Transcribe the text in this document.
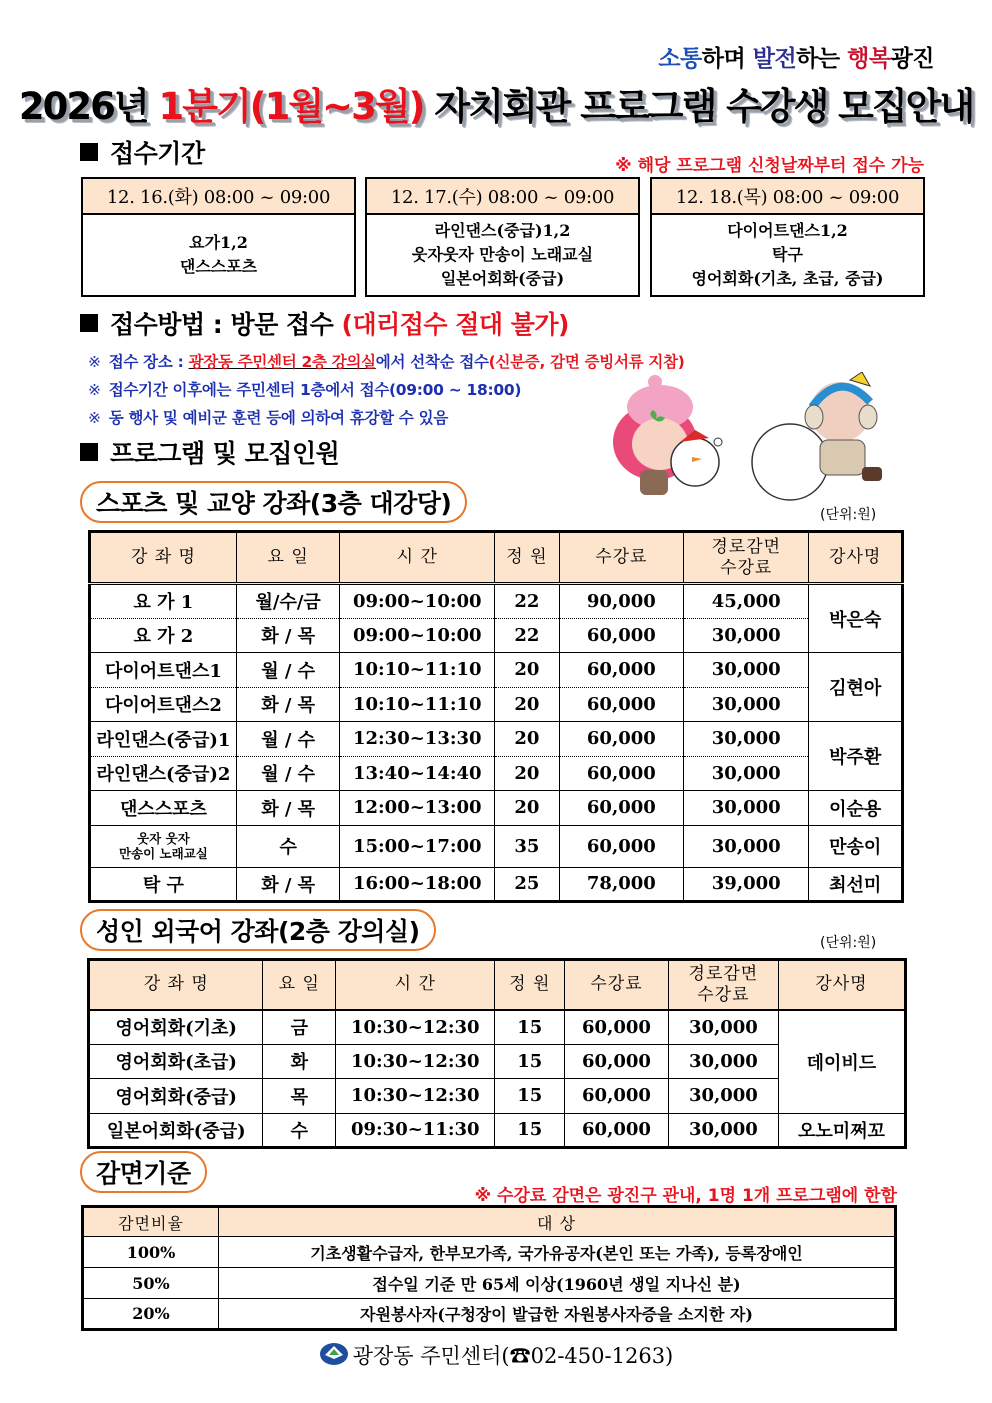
소통하며 발전하는 행복광진
2026년 1분기(1월~3월) 자치회관 프로그램 수강생 모집안내
접수기간	※ 해당 프로그램 신청날짜부터 접수 가능
12. 16.(화) 08:00 ~ 09:00
요가1,2
댄스스포츠
12. 17.(수) 08:00 ~ 09:00
라인댄스(중급)1,2
웃자웃자 만송이 노래교실
일본어회화(중급)
12. 18.(목) 08:00 ~ 09:00
다이어트댄스1,2
탁구
영어회화(기초, 초급, 중급)
접수방법 : 방문 접수 (대리접수 절대 불가)
※ 접수 장소 : 광장동 주민센터 2층 강의실에서 선착순 접수(신분증, 감면 증빙서류 지참)
※ 접수기간 이후에는 주민센터 1층에서 접수(09:00 ~ 18:00)
※ 동 행사 및 예비군 훈련 등에 의하여 휴강할 수 있음
프로그램 및 모집인원
스포츠 및 교양 강좌(3층 대강당)	(단위:원)
강 좌 명	요 일	시 간	정 원	수강료	경로감면
수강료	강사명
요 가 1	월/수/금	09:00~10:00	22	90,000	45,000	박은숙
요 가 2	화 / 목	09:00~10:00	22	60,000	30,000	
다이어트댄스1	월 / 수	10:10~11:10	20	60,000	30,000	김현아
다이어트댄스2	화 / 목	10:10~11:10	20	60,000	30,000	
라인댄스(중급)1	월 / 수	12:30~13:30	20	60,000	30,000	박주환
라인댄스(중급)2	월 / 수	13:40~14:40	20	60,000	30,000	
댄스스포츠	화 / 목	12:00~13:00	20	60,000	30,000	이순용

웃자 웃자
만송이 노래교실	수	15:00~17:00	35	60,000	30,000	만송이
탁 구	화 / 목	16:00~18:00	25	78,000	39,000	최선미
성인 외국어 강좌(2층 강의실)	(단위:원)
강 좌 명	요 일	시 간	정 원	수강료	경로감면
수강료	강사명
영어회화(기초)	금	10:30~12:30	15	60,000	30,000	데이비드
영어회화(초급)	화	10:30~12:30	15	60,000	30,000	
영어회화(중급)	목	10:30~12:30	15	60,000	30,000	
일본어회화(중급)	수	09:30~11:30	15	60,000	30,000	오노미쩌꼬
감면기준
※ 수강료 감면은 광진구 관내, 1명 1개 프로그램에 한함
감면비율	대 상
100%	기초생활수급자, 한부모가족, 국가유공자(본인 또는 가족), 등록장애인
50%	접수일 기준 만 65세 이상(1960년 생일 지나신 분)
20%	자원봉사자(구청장이 발급한 자원봉사자증을 소지한 자)
광장동 주민센터(☎02-450-1263)
